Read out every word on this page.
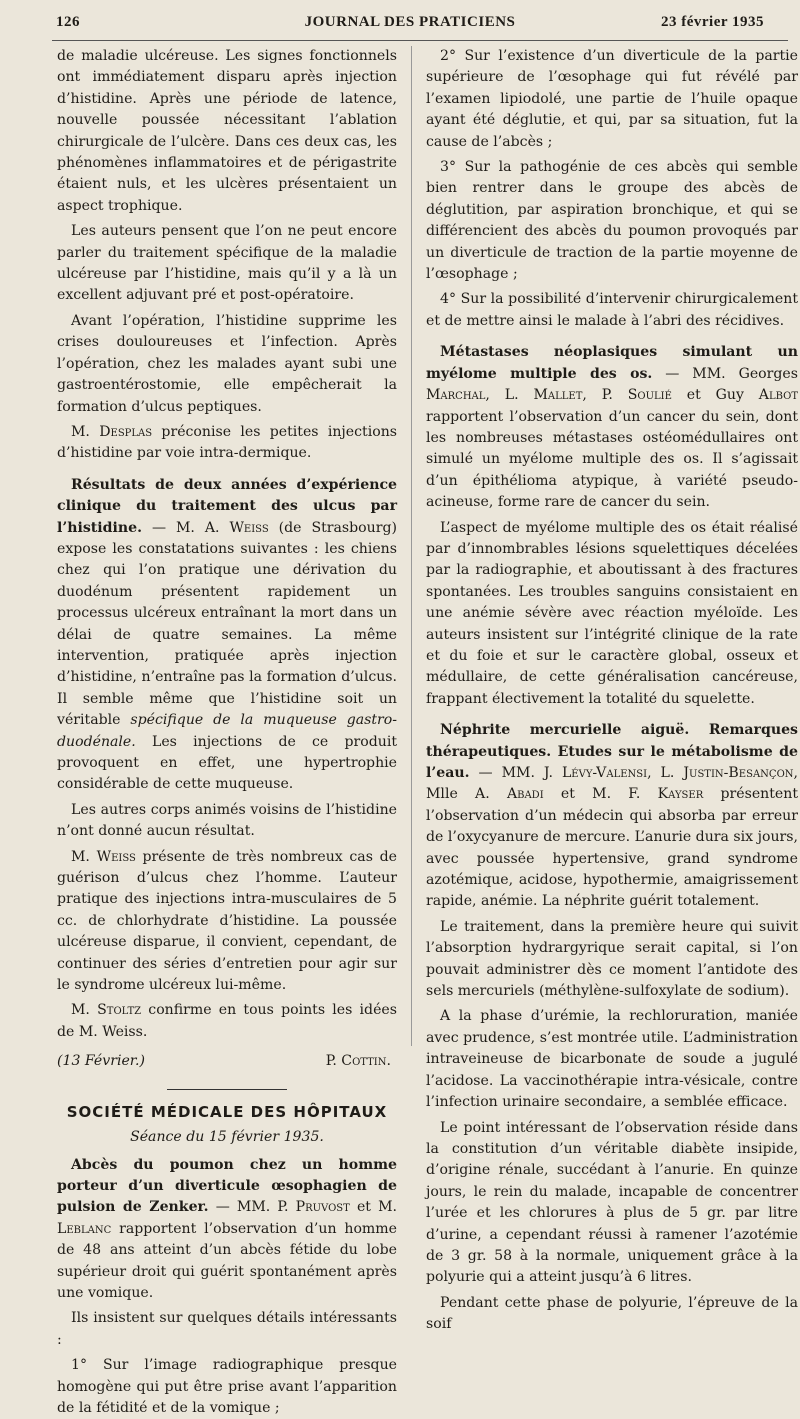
126	JOURNAL DES PRATICIENS	23 février 1935

de maladie ulcéreuse. Les signes fonctionnels ont immédiatement disparu après injection d’histidine. Après une période de latence, nouvelle poussée nécessitant l’ablation chirurgicale de l’ulcère. Dans ces deux cas, les phénomènes inflammatoires et de périgastrite étaient nuls, et les ulcères présentaient un aspect trophique.

Les auteurs pensent que l’on ne peut encore parler du traitement spécifique de la maladie ulcéreuse par l’histidine, mais qu’il y a là un excellent adjuvant pré et post-opératoire.

Avant l’opération, l’histidine supprime les crises douloureuses et l’infection. Après l’opération, chez les malades ayant subi une gastroentérostomie, elle empêcherait la formation d’ulcus peptiques.

M. Desplas préconise les petites injections d’histidine par voie intra-dermique.

Résultats de deux années d’expérience clinique du traitement des ulcus par l’histidine. — M. A. Weiss (de Strasbourg) expose les constatations suivantes : les chiens chez qui l’on pratique une dérivation du duodénum présentent rapidement un processus ulcéreux entraînant la mort dans un délai de quatre semaines. La même intervention, pratiquée après injection d’histidine, n’entraîne pas la formation d’ulcus. Il semble même que l’histidine soit un véritable spécifique de la muqueuse gastro-duodénale. Les injections de ce produit provoquent en effet, une hypertrophie considérable de cette muqueuse.

Les autres corps animés voisins de l’histidine n’ont donné aucun résultat.

M. Weiss présente de très nombreux cas de guérison d’ulcus chez l’homme. L’auteur pratique des injections intra-musculaires de 5 cc. de chlorhydrate d’histidine. La poussée ulcéreuse disparue, il convient, cependant, de continuer des séries d’entretien pour agir sur le syndrome ulcéreux lui-même.

M. Stoltz confirme en tous points les idées de M. Weiss.

(13 Février.)	P. Cottin.
SOCIÉTÉ MÉDICALE DES HÔPITAUX
Séance du 15 février 1935.

Abcès du poumon chez un homme porteur d’un diverticule œsophagien de pulsion de Zenker. — MM. P. Pruvost et M. Leblanc rapportent l’observation d’un homme de 48 ans atteint d’un abcès fétide du lobe supérieur droit qui guérit spontanément après une vomique.

Ils insistent sur quelques détails intéressants :

1° Sur l’image radiographique presque homogène qui put être prise avant l’apparition de la fétidité et de la vomique ;

2° Sur l’existence d’un diverticule de la partie supérieure de l’œsophage qui fut révélé par l’examen lipiodolé, une partie de l’huile opaque ayant été déglutie, et qui, par sa situation, fut la cause de l’abcès ;

3° Sur la pathogénie de ces abcès qui semble bien rentrer dans le groupe des abcès de déglutition, par aspiration bronchique, et qui se différencient des abcès du poumon provoqués par un diverticule de traction de la partie moyenne de l’œsophage ;

4° Sur la possibilité d’intervenir chirurgicalement et de mettre ainsi le malade à l’abri des récidives.

Métastases néoplasiques simulant un myélome multiple des os. — MM. Georges Marchal, L. Mallet, P. Soulié et Guy Albot rapportent l’observation d’un cancer du sein, dont les nombreuses métastases ostéomédullaires ont simulé un myélome multiple des os. Il s’agissait d’un épithélioma atypique, à variété pseudo-acineuse, forme rare de cancer du sein.

L’aspect de myélome multiple des os était réalisé par d’innombrables lésions squelettiques décelées par la radiographie, et aboutissant à des fractures spontanées. Les troubles sanguins consistaient en une anémie sévère avec réaction myéloïde. Les auteurs insistent sur l’intégrité clinique de la rate et du foie et sur le caractère global, osseux et médullaire, de cette généralisation cancéreuse, frappant électivement la totalité du squelette.

Néphrite mercurielle aiguë. Remarques thérapeutiques. Etudes sur le métabolisme de l’eau. — MM. J. Lévy-Valensi, L. Justin-Besançon, Mlle A. Abadi et M. F. Kayser présentent l’observation d’un médecin qui absorba par erreur de l’oxycyanure de mercure. L’anurie dura six jours, avec poussée hypertensive, grand syndrome azotémique, acidose, hypothermie, amaigrissement rapide, anémie. La néphrite guérit totalement.

Le traitement, dans la première heure qui suivit l’absorption hydrargyrique serait capital, si l’on pouvait administrer dès ce moment l’antidote des sels mercuriels (méthylène-sulfoxylate de sodium).

A la phase d’urémie, la rechloruration, maniée avec prudence, s’est montrée utile. L’administration intraveineuse de bicarbonate de soude a jugulé l’acidose. La vaccinothérapie intra-vésicale, contre l’infection urinaire secondaire, a semblée efficace.

Le point intéressant de l’observation réside dans la constitution d’un véritable diabète insipide, d’origine rénale, succédant à l’anurie. En quinze jours, le rein du malade, incapable de concentrer l’urée et les chlorures à plus de 5 gr. par litre d’urine, a cependant réussi à ramener l’azotémie de 3 gr. 58 à la normale, uniquement grâce à la polyurie qui a atteint jusqu’à 6 litres.

Pendant cette phase de polyurie, l’épreuve de la soif
